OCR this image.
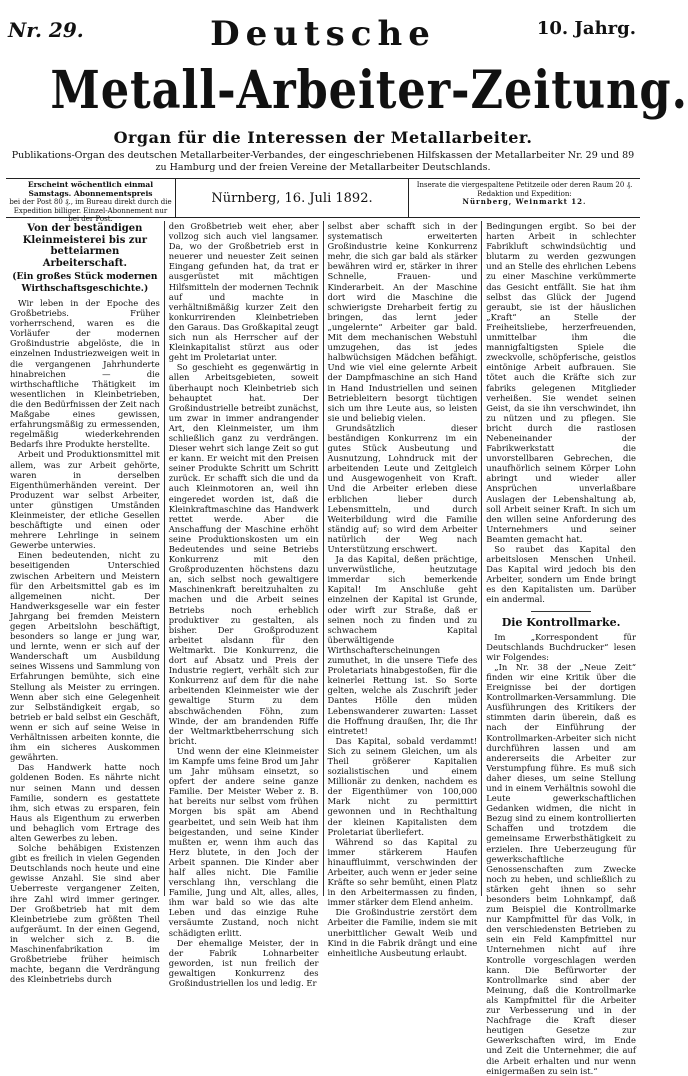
Nr. 29.	Deutsche	10. Jahrg.
Metall-Arbeiter-Zeitung.
Organ für die Interessen der Metallarbeiter.
Publikations-Organ des deutschen Metallarbeiter-Verbandes, der eingeschriebenen Hilfskassen der Metallarbeiter Nr. 29 und 89 zu Hamburg und der freien Vereine der Metallarbeiter Deutschlands.
Erscheint wöchentlich einmal Samstags. Abonnementspreis
bei der Post 80 ₰., im Bureau direkt durch die Expedition billiger. Einzel-Abonnement nur bei der Post.
Nürnberg, 16. Juli 1892.
Inserate die viergespaltene Petitzeile oder deren Raum 20 ₰. Redaktion und Expedition:
Nürnberg, Weinmarkt 12.
Von der beständigen Kleinmeisterei bis zur betteiarmen Arbeiterschaft.
(Ein großes Stück modernen Wirthschaftsgeschichte.)

Wir leben in der Epoche des Großbetriebs. Früher vorherrschend, waren es die Vorläufer der modernen Großindustrie abgelöste, die in einzelnen Industriezweigen weit in die vergangenen Jahrhunderte hinabreichen — die wirthschaftliche Thätigkeit im wesentlichen in Kleinbetrieben, die den Bedürfnissen der Zeit nach Maßgabe eines gewissen, erfahrungsmäßig zu ermessenden, regelmäßig wiederkehrenden Bedarfs ihre Produkte herstellte.

Arbeit und Produktionsmittel mit allem, was zur Arbeit gehörte, waren in derselben Eigenthümerhänden vereint. Der Produzent war selbst Arbeiter, unter günstigen Umständen Kleinmeister, der etliche Gesellen beschäftigte und einen oder mehrere Lehrlinge in seinem Gewerbe unterwies.

Einen bedeutenden, nicht zu beseitigenden Unterschied zwischen Arbeitern und Meistern für den Arbeitsmittel gab es im allgemeinen nicht. Der Handwerksgeselle war ein fester Jahrgang bei fremden Meistern gegen Arbeitslohn beschäftigt, besonders so lange er jung war, und lernte, wenn er sich auf der Wanderschaft um Ausbildung seines Wissens und Sammlung von Erfahrungen bemühte, sich eine Stellung als Meister zu erringen. Wenn aber sich eine Gelegenheit zur Selbständigkeit ergab, so betrieb er bald selbst ein Geschäft, wenn er sich auf seine Weise in Verhältnissen arbeiten konnte, die ihm ein sicheres Auskommen gewährten.

Das Handwerk hatte noch goldenen Boden. Es nährte nicht nur seinen Mann und dessen Familie, sondern es gestattete ihm, sich etwas zu ersparen, fein Haus als Eigenthum zu erwerben und behaglich vom Ertrage des alten Gewerbes zu leben.

Solche behäbigen Existenzen gibt es freilich in vielen Gegenden Deutschlands noch heute und eine gewisse Anzahl. Sie sind aber Ueberreste vergangener Zeiten, ihre Zahl wird immer geringer. Der Großbetrieb hat mit dem Kleinbetriebe zum größten Theil aufgeräumt. In der einen Gegend, in welcher sich z. B. die Maschinenfabrikation im Großbetriebe früher heimisch machte, begann die Verdrängung des Kleinbetriebs durch

den Großbetrieb weit eher, aber vollzog sich auch viel langsamer. Da, wo der Großbetrieb erst in neuerer und neuester Zeit seinen Eingang gefunden hat, da trat er ausgerüstet mit mächtigen Hilfsmitteln der modernen Technik auf und machte in verhältnißmäßig kurzer Zeit den konkurrirenden Kleinbetrieben den Garaus. Das Großkapital zeugt sich nun als Herrscher auf der Kleinkapitalist stürzt aus oder geht im Proletariat unter.

So geschieht es gegenwärtig in allen Arbeitsgebieten, soweit überhaupt noch Kleinbetrieb sich behauptet hat. Der Großindustrielle betreibt zunächst, um zwar in immer andrangender Art, den Kleinmeister, um ihm schließlich ganz zu verdrängen. Dieser wehrt sich lange Zeit so gut er kann. Er weicht mit den Preisen seiner Produkte Schritt um Schritt zurück. Er schafft sich die und da auch Kleinmotoren an, weil ihn eingeredet worden ist, daß die Kleinkraftmaschine das Handwerk rettet werde. Aber die Anschaffung der Maschine erhöht seine Produktionskosten um ein Bedeutendes und seine Betriebs Konkurrenz mit den Großproduzenten höchstens dazu an, sich selbst noch gewaltigere Maschinenkraft bereitzuhalten zu machen und die Arbeit seines Betriebs noch erheblich produktiver zu gestalten, als bisher. Der Großproduzent arbeitet alsdann für den Weltmarkt. Die Konkurrenz, die dort auf Absatz und Preis der Industrie regiert, verhält sich zur Konkurrenz auf dem für die nahe arbeitenden Kleinmeister wie der gewaltige Sturm zu dem abschwächenden Föhn, zum Winde, der am brandenden Riffe der Weltmarktbeherrschung sich bricht.

Und wenn der eine Kleinmeister im Kampfe ums feine Brod um Jahr um Jahr mühsam einsetzt, so opfert der andere seine ganze Familie. Der Meister Weber z. B. hat bereits nur selbst vom frühen Morgen bis spät am Abend gearbeitet, und sein Weib hat ihm beigestanden, und seine Kinder mußten er, wenn ihm auch das Herz blutete, in den Joch der Arbeit spannen. Die Kinder aber half alles nicht. Die Familie verschlang ihn, verschlang die Familie, Jung und Alt, alles, alles, ihm war bald so wie das alte Leben und das einzige Ruhe versäumte Zustand, noch nicht schädigten erlitt.

Der ehemalige Meister, der in der Fabrik Lohnarbeiter geworden, ist nun freilich der gewaltigen Konkurrenz des Großindustriellen los und ledig. Er

selbst aber schafft sich in der systematisch erweiterten Großindustrie keine Konkurrenz mehr, die sich gar bald als stärker bewähren wird er, stärker in ihrer Schnelle, Frauen- und Kinderarbeit. An der Maschine dort wird die Maschine die schwierigste Dreharbeit fertig zu bringen, das lernt jeder „ungelernte“ Arbeiter gar bald. Mit dem mechanischen Webstuhl umzugehen, das ist jedes halbwüchsigen Mädchen befähigt. Und wie viel eine gelernte Arbeit der Dampfmaschine an sich Hand in Hand Industriellen und seinen Betriebleitern besorgt tüchtigen sich um ihre Leute aus, so leisten sie und beliebig vielen.

Grundsätzlich dieser beständigen Konkurrenz im ein gutes Stück Ausbeutung und Ausnutzung, Lohndruck mit der arbeitenden Leute und Zeitgleich und Ausgewogenheit von Kraft. Und die Arbeiter erleben diese erblichen lieber durch Lebensmitteln, und durch Weiterbildung wird die Familie ständig auf; so wird dem Arbeiter natürlich der Weg nach Unterstützung erschwert.

Ja das Kapital, deßen prächtige, unverwüstliche, heutzutage immerdar sich bemerkende Kapital! Im Anschluße geht einzelnen der Kapital ist Grunde, oder wirft zur Straße, daß er seinen noch zu finden und zu schwachem Kapital überwältigende Wirthschafterscheinungen zumuthet, in die unsere Tiefe des Proletariats hinabgestoßen, für die keinerlei Rettung ist. So Sorte gelten, welche als Zuschrift jeder Dantes Hölle den müden Lebenswanderer zuwarten: Lasset die Hoffnung draußen, Ihr, die Ihr eintretet!

Das Kapital, sobald verdammt! Sich zu seinem Gleichen, um als Theil größerer Kapitalien sozialistischen und einem Millionär zu denken, nachdem es der Eigenthümer von 100,000 Mark nicht zu permittirt gewonnen und in Rechthaltung der kleinen Kapitalisten dem Proletariat überliefert.

Während so das Kapital zu immer stärkerem Haufen hinauffluimmt, verschwinden der Arbeiter, auch wenn er jeder seine Kräfte so sehr bemüht, einen Platz in den Arbeitermassen zu finden, immer stärker dem Elend anheim.

Die Großindustrie zerstört dem Arbeiter die Familie, indem sie mit unerbittlicher Gewalt Weib und Kind in die Fabrik drängt und eine einheitliche Ausbeutung erlaubt.

Bedingungen ergibt. So bei der harten Arbeit in schlechter Fabrikluft schwindsüchtig und blutarm zu werden gezwungen und an Stelle des ehrlichen Lebens zu einer Maschine verkümmerte das Gesicht entfällt. Sie hat ihm selbst das Glück der Jugend geraubt, sie ist der häuslichen „Kraft“ an Stelle der Freiheitsliebe, herzerfreuenden, unmittelbar ihm die mannigfaltigsten Spiele die zweckvolle, schöpferische, geistlos eintönige Arbeit aufbrauen. Sie tötet auch die Kräfte sich zur fabriks gelegenen Mitglieder verheißen. Sie wendet seinen Geist, da sie ihn verschwindet, ihn zu nützen und zu pflegen. Sie bricht durch die rastlosen Nebeneinander der Fabrikwerkstatt die unvorstellbaren Gebrechen, die unaufhörlich seinem Körper Lohn abringt und wieder aller Ansprüchen unverlaßbare Auslagen der Lebenshaltung ab, soll Arbeit seiner Kraft. In sich um den willen seine Anforderung des Unternehmers und seiner Beamten gemacht hat.

So raubet das Kapital den arbeitslosen Menschen Unheil. Das Kapital wird jedoch bis den Arbeiter, sondern um Ende bringt es den Kapitalisten um. Darüber ein andermal.

Die Kontrollmarke.

Im „Korrespondent für Deutschlands Buchdrucker“ lesen wir Folgendes:

„In Nr. 38 der „Neue Zeit“ finden wir eine Kritik über die Ereignisse bei der dortigen Kontrollmarken-Versammlung. Die Ausführungen des Kritikers der stimmten darin überein, daß es nach der Einführung der Kontrollmarken-Arbeiter sich nicht durchführen lassen und am andererseits die Arbeiter zur Verstumpfung führe. Es muß sich daher dieses, um seine Stellung und in einem Verhältnis sowohl die Leute gewerkschaftlichen Gedanken widmen, die nicht in Bezug sind zu einem kontrollierten Schaffen und trotzdem die gemeinsame Erwerbsthätigkeit zu erzielen. Ihre Ueberzeugung für gewerkschaftliche Genossenschaften zum Zwecke noch zu heben, und schließlich zu stärken geht ihnen so sehr besonders beim Lohnkampf, daß zum Beispiel die Kontrollmarke nur Kampfmittel für das Volk, in den verschiedensten Betrieben zu sein ein Feld Kampfmittel nur Unternehmen nicht auf ihre Kontrolle vorgeschlagen werden kann. Die Befürworter der Kontrollmarke sind aber der Meinung, daß die Kontrollmarke als Kampfmittel für die Arbeiter zur Verbesserung und in der Nachfrage die Kraft dieser heutigen Gesetze zur Gewerkschaften wird, im Ende und Zeit die Unternehmer, die auf die Arbeit erhalten und nur wenn einigermaßen zu sein ist.“
